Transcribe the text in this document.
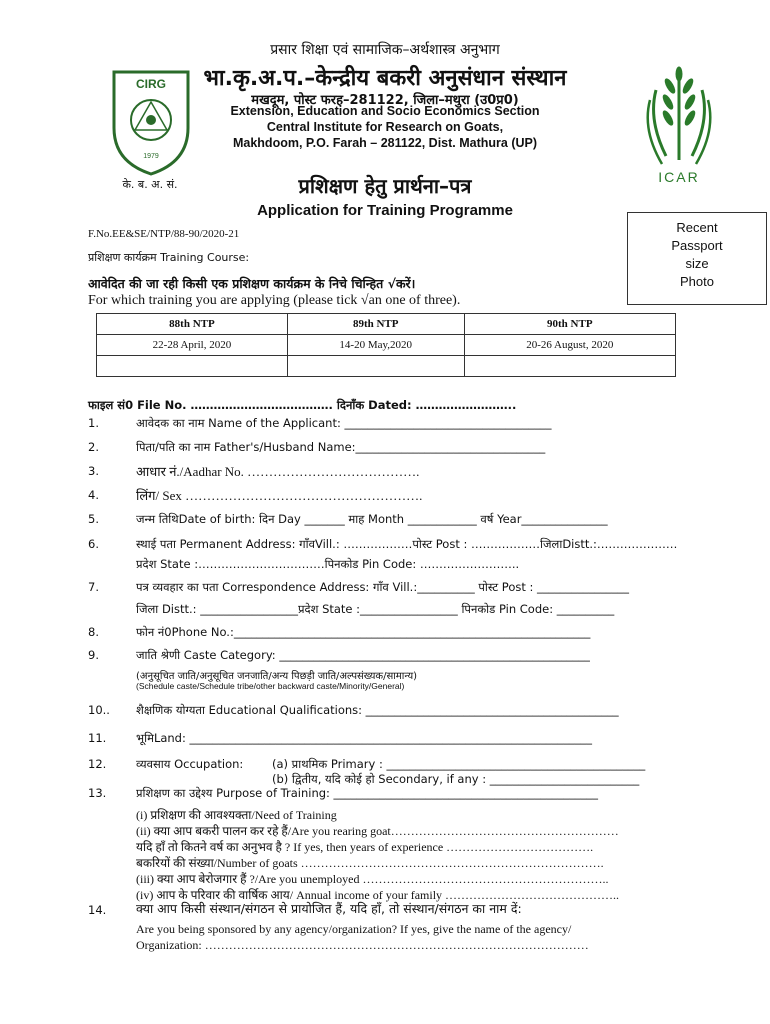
प्रसार शिक्षा एवं सामाजिक–अर्थशास्त्र अनुभाग
भा.कृ.अ.प.–केन्द्रीय बकरी अनुसंधान संस्थान
मखदूम, पोस्ट फरह–281122, जिला–मथुरा (उ0प्र0)
Extension, Education and Socio Economics Section
Central Institute for Research on Goats,
Makhdoom, P.O. Farah – 281122, Dist. Mathura (UP)
CIRG
1979
के. ब. अ. सं.	ICAR
प्रशिक्षण हेतु प्रार्थना–पत्र
Application for Training Programme
Recent
Passport
size
Photo
F.No.EE&SE/NTP/88-90/2020-21
प्रशिक्षण कार्यक्रम Training Course:
आवेदित की जा रही किसी एक प्रशिक्षण कार्यक्रम के निचे चिन्हित √करें।
For which training you are applying (please tick √an one of three).
88th NTP	89th NTP	90th NTP
22-28 April, 2020	14-20 May,2020	20-26 August, 2020

फाइल सं0 File No. ………………………………. दिनाँक Dated: ……………………..
1.	आवेदक का नाम Name of the Applicant: ____________________________________
2.	पिता/पति का नाम Father's/Husband Name:_________________________________
3.	आधार नं./Aadhar No. ………………………………….
4.	लिंग/ Sex ……………………………………………….
5.	जन्म तिथिDate of birth: दिन Day _______ माह Month ____________ वर्ष Year_______________
6.	स्थाई पता Permanent Address: गाँवVill.: ………………पोस्ट Post : ………………जिलाDistt.:…………………
प्रदेश State :……………………………पिनकोड Pin Code: ……………………..
7.	पत्र व्यवहार का पता Correspondence Address: गाँव Vill.:__________ पोस्ट Post : ________________
जिला Distt.: _________________प्रदेश State :_________________ पिनकोड Pin Code: __________
8.	फोन नं0Phone No.:______________________________________________________________
9.	जाति श्रेणी Caste Category: ______________________________________________________
(अनुसूचित जाति/अनुसूचित जनजाति/अन्य पिछड़ी जाति/अल्पसंख्यक/सामान्य)
(Schedule caste/Schedule tribe/other backward caste/Minority/General)
10.. शैक्षणिक योग्यता Educational Qualifications: ____________________________________________
11.	भूमिLand: ______________________________________________________________________
12.	व्यवसाय Occupation: (a) प्राथमिक Primary : _____________________________________________
(b) द्वितीय, यदि कोई हो Secondary, if any : __________________________
13.	प्रशिक्षण का उद्देश्य Purpose of Training: ______________________________________________
(i) प्रशिक्षण की आवश्यक्ता/Need of Training
(ii) क्या आप बकरी पालन कर रहे हैं/Are you rearing goat…………………………………………………
यदि हाँ तो कितने वर्ष का अनुभव है ? If yes, then years of experience ……………………………….
बकरियों की संख्या/Number of goats ………………………………………………………………….
(iii) क्या आप बेरोजगार हैं ?/Are you unemployed ……………………………………………………..
(iv) आप के परिवार की वार्षिक आय/ Annual income of your family ……………………………………..
14. क्या आप किसी संस्थान/संगठन से प्रायोजित हैं, यदि हाँ, तो संस्थान/संगठन का नाम दें:
Are you being sponsored by any agency/organization? If yes, give the name of the agency/
Organization: ……………………………………………………………………………………
